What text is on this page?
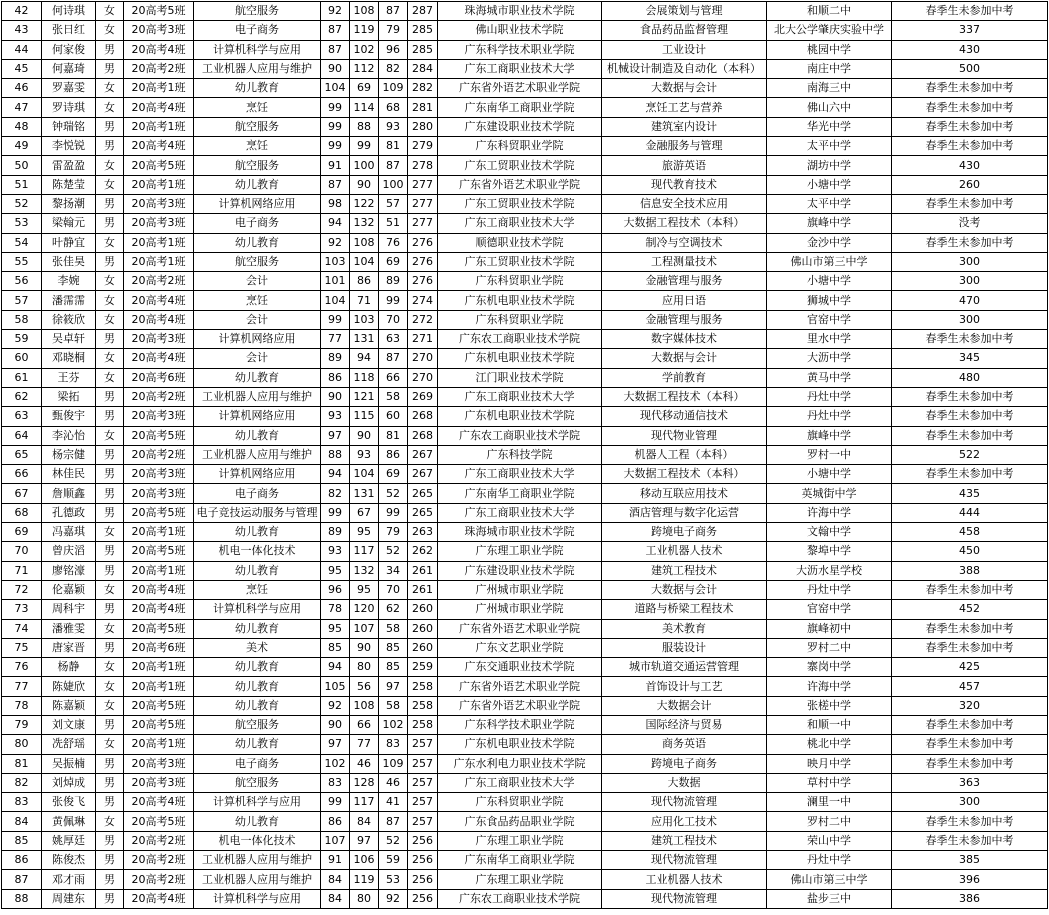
42	何诗琪	女	20高考5班	航空服务	92	108	87	287	珠海城市职业技术学院	会展策划与管理	和顺二中	春季生未参加中考
43	张日红	女	20高考3班	电子商务	87	119	79	285	佛山职业技术学院	食品药品监督管理	北大公学肇庆实验中学	337
44	何家俊	男	20高考4班	计算机科学与应用	87	102	96	285	广东科学技术职业学院	工业设计	桃园中学	430
45	何嘉琦	男	20高考2班	工业机器人应用与维护	90	112	82	284	广东工商职业技术大学	机械设计制造及自动化（本科）	南庄中学	500
46	罗嘉雯	女	20高考1班	幼儿教育	104	69	109	282	广东省外语艺术职业学院	大数据与会计	南海三中	春季生未参加中考
47	罗诗琪	女	20高考4班	烹饪	99	114	68	281	广东南华工商职业学院	烹饪工艺与营养	佛山六中	春季生未参加中考
48	钟瑞铭	男	20高考1班	航空服务	99	88	93	280	广东建设职业技术学院	建筑室内设计	华光中学	春季生未参加中考
49	李悦锐	男	20高考4班	烹饪	99	99	81	279	广东科贸职业学院	金融服务与管理	太平中学	春季生未参加中考
50	雷盈盈	女	20高考5班	航空服务	91	100	87	278	广东工贸职业技术学院	旅游英语	湖坊中学	430
51	陈楚莹	女	20高考1班	幼儿教育	87	90	100	277	广东省外语艺术职业学院	现代教育技术	小塘中学	260
52	黎扬潮	男	20高考3班	计算机网络应用	98	122	57	277	广东工贸职业技术学院	信息安全技术应用	太平中学	春季生未参加中考
53	梁翰元	男	20高考3班	电子商务	94	132	51	277	广东工商职业技术大学	大数据工程技术（本科）	旗峰中学	没考
54	叶静宜	女	20高考1班	幼儿教育	92	108	76	276	顺德职业技术学院	制冷与空调技术	金沙中学	春季生未参加中考
55	张佳昊	男	20高考1班	航空服务	103	104	69	276	广东工贸职业技术学院	工程测量技术	佛山市第三中学	300
56	李婉	女	20高考2班	会计	101	86	89	276	广东科贸职业学院	金融管理与服务	小塘中学	300
57	潘霈霈	女	20高考4班	烹饪	104	71	99	274	广东机电职业技术学院	应用日语	狮城中学	470
58	徐筱欣	女	20高考4班	会计	99	103	70	272	广东科贸职业学院	金融管理与服务	官窑中学	300
59	吴卓轩	男	20高考3班	计算机网络应用	77	131	63	271	广东农工商职业技术学院	数字媒体技术	里水中学	春季生未参加中考
60	邓晓桐	女	20高考4班	会计	89	94	87	270	广东机电职业技术学院	大数据与会计	大沥中学	345
61	王芬	女	20高考6班	幼儿教育	86	118	66	270	江门职业技术学院	学前教育	黄马中学	480
62	梁拓	男	20高考2班	工业机器人应用与维护	90	121	58	269	广东工商职业技术大学	大数据工程技术（本科）	丹灶中学	春季生未参加中考
63	甄俊宇	男	20高考3班	计算机网络应用	93	115	60	268	广东机电职业技术学院	现代移动通信技术	丹灶中学	春季生未参加中考
64	李沁怡	女	20高考5班	幼儿教育	97	90	81	268	广东农工商职业技术学院	现代物业管理	旗峰中学	春季生未参加中考
65	杨宗健	男	20高考2班	工业机器人应用与维护	88	93	86	267	广东科技学院	机器人工程（本科）	罗村一中	522
66	林佳民	男	20高考3班	计算机网络应用	94	104	69	267	广东工商职业技术大学	大数据工程技术（本科）	小塘中学	春季生未参加中考
67	詹顺鑫	男	20高考3班	电子商务	82	131	52	265	广东南华工商职业学院	移动互联应用技术	英城街中学	435
68	孔德政	男	20高考5班	电子竞技运动服务与管理	99	67	99	265	广东工商职业技术大学	酒店管理与数字化运营	许海中学	444
69	冯嘉琪	女	20高考1班	幼儿教育	89	95	79	263	珠海城市职业技术学院	跨境电子商务	文翰中学	458
70	曾庆滔	男	20高考5班	机电一体化技术	93	117	52	262	广东理工职业学院	工业机器人技术	黎埠中学	450
71	廖铭濠	男	20高考1班	幼儿教育	95	132	34	261	广东建设职业技术学院	建筑工程技术	大沥水星学校	388
72	伦嘉颖	女	20高考4班	烹饪	96	95	70	261	广州城市职业学院	大数据与会计	丹灶中学	春季生未参加中考
73	周科宇	男	20高考4班	计算机科学与应用	78	120	62	260	广州城市职业学院	道路与桥梁工程技术	官窑中学	452
74	潘雅雯	女	20高考5班	幼儿教育	95	107	58	260	广东省外语艺术职业学院	美术教育	旗峰初中	春季生未参加中考
75	唐家晋	男	20高考6班	美术	85	90	85	260	广东文艺职业学院	服装设计	罗村二中	春季生未参加中考
76	杨静	女	20高考1班	幼儿教育	94	80	85	259	广东交通职业技术学院	城市轨道交通运营管理	寨岗中学	425
77	陈婕欣	女	20高考1班	幼儿教育	105	56	97	258	广东省外语艺术职业学院	首饰设计与工艺	许海中学	457
78	陈嘉颖	女	20高考5班	幼儿教育	92	108	58	258	广东省外语艺术职业学院	大数据会计	张槎中学	320
79	刘文康	男	20高考5班	航空服务	90	66	102	258	广东科学技术职业学院	国际经济与贸易	和顺一中	春季生未参加中考
80	冼舒瑶	女	20高考1班	幼儿教育	97	77	83	257	广东机电职业技术学院	商务英语	桃北中学	春季生未参加中考
81	吴振楠	男	20高考3班	电子商务	102	46	109	257	广东水利电力职业技术学院	跨境电子商务	映月中学	春季生未参加中考
82	刘焯成	男	20高考3班	航空服务	83	128	46	257	广东工商职业技术大学	大数据	草村中学	363
83	张俊飞	男	20高考4班	计算机科学与应用	99	117	41	257	广东科贸职业学院	现代物流管理	澜里一中	300
84	黄佩琳	女	20高考5班	幼儿教育	86	84	87	257	广东食品药品职业学院	应用化工技术	罗村二中	春季生未参加中考
85	姚厚廷	男	20高考2班	机电一体化技术	107	97	52	256	广东理工职业学院	建筑工程技术	荣山中学	春季生未参加中考
86	陈俊杰	男	20高考2班	工业机器人应用与维护	91	106	59	256	广东南华工商职业学院	现代物流管理	丹灶中学	385
87	邓才雨	男	20高考2班	工业机器人应用与维护	84	119	53	256	广东理工职业学院	工业机器人技术	佛山市第三中学	396
88	周建东	男	20高考4班	计算机科学与应用	84	80	92	256	广东农工商职业技术学院	现代物流管理	盐步三中	386
